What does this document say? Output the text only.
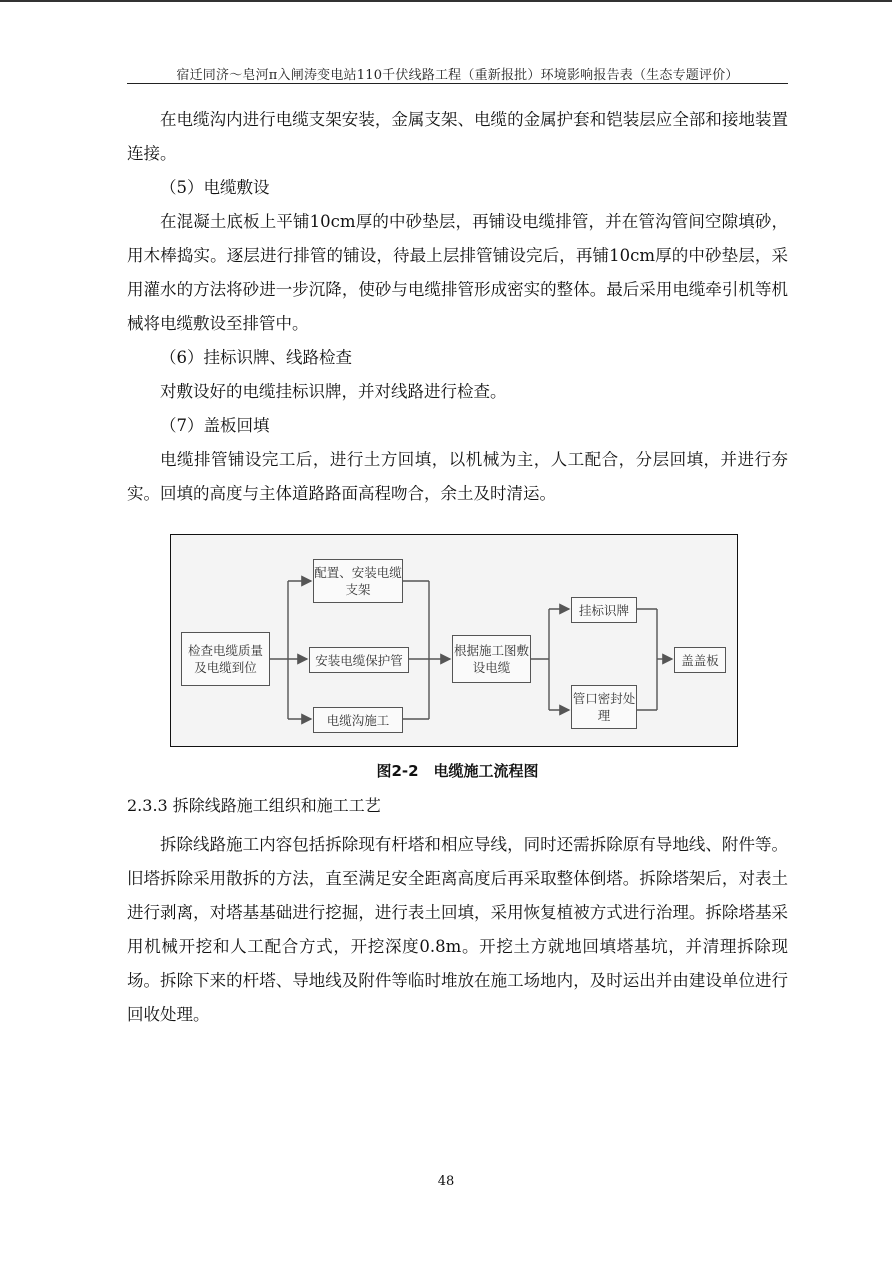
宿迁同济～皂河π入闸涛变电站110千伏线路工程（重新报批）环境影响报告表（生态专题评价）

在电缆沟内进行电缆支架安装，金属支架、电缆的金属护套和铠装层应全部和接地装置连接。

（5）电缆敷设

在混凝土底板上平铺10cm厚的中砂垫层，再铺设电缆排管，并在管沟管间空隙填砂，用木棒捣实。逐层进行排管的铺设，待最上层排管铺设完后，再铺10cm厚的中砂垫层，采用灌水的方法将砂进一步沉降，使砂与电缆排管形成密实的整体。最后采用电缆牵引机等机械将电缆敷设至排管中。

（6）挂标识牌、线路检查

对敷设好的电缆挂标识牌，并对线路进行检查。

（7）盖板回填

电缆排管铺设完工后，进行土方回填，以机械为主，人工配合，分层回填，并进行夯实。回填的高度与主体道路路面高程吻合，余土及时清运。

检查电缆质量及电缆到位
配置、安装电缆支架
安装电缆保护管
电缆沟施工
根据施工图敷设电缆
挂标识牌
管口密封处理
盖盖板
图2-2　电缆施工流程图
2.3.3 拆除线路施工组织和施工工艺

拆除线路施工内容包括拆除现有杆塔和相应导线，同时还需拆除原有导地线、附件等。旧塔拆除采用散拆的方法，直至满足安全距离高度后再采取整体倒塔。拆除塔架后，对表土进行剥离，对塔基基础进行挖掘，进行表土回填，采用恢复植被方式进行治理。拆除塔基采用机械开挖和人工配合方式，开挖深度0.8m。开挖土方就地回填塔基坑，并清理拆除现场。拆除下来的杆塔、导地线及附件等临时堆放在施工场地内，及时运出并由建设单位进行回收处理。

48
